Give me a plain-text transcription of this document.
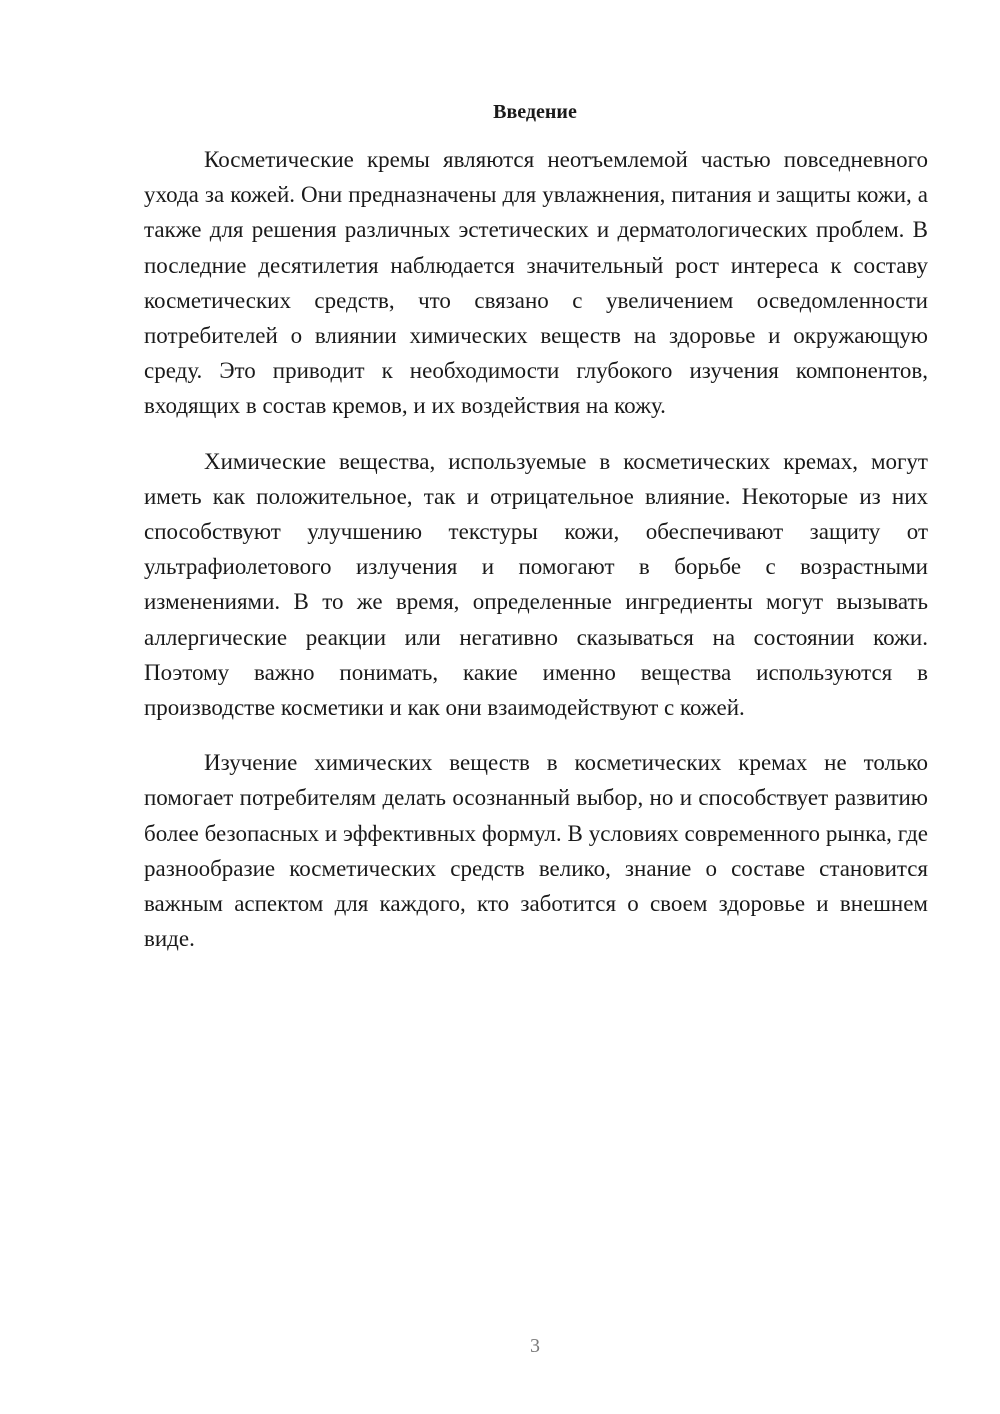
Введение

Косметические кремы являются неотъемлемой частью повседневного ухода за кожей. Они предназначены для увлажнения, питания и защиты кожи, а также для решения различных эстетических и дерматологических проблем. В последние десятилетия наблюдается значительный рост интереса к составу косметических средств, что связано с увеличением осведомленности потребителей о влиянии химических веществ на здоровье и окружающую среду. Это приводит к необходимости глубокого изучения компонентов, входящих в состав кремов, и их воздействия на кожу.

Химические вещества, используемые в косметических кремах, могут иметь как положительное, так и отрицательное влияние. Некоторые из них способствуют улучшению текстуры кожи, обеспечивают защиту от ультрафиолетового излучения и помогают в борьбе с возрастными изменениями. В то же время, определенные ингредиенты могут вызывать аллергические реакции или негативно сказываться на состоянии кожи. Поэтому важно понимать, какие именно вещества используются в производстве косметики и как они взаимодействуют с кожей.

Изучение химических веществ в косметических кремах не только помогает потребителям делать осознанный выбор, но и способствует развитию более безопасных и эффективных формул. В условиях современного рынка, где разнообразие косметических средств велико, знание о составе становится важным аспектом для каждого, кто заботится о своем здоровье и внешнем виде.

3
